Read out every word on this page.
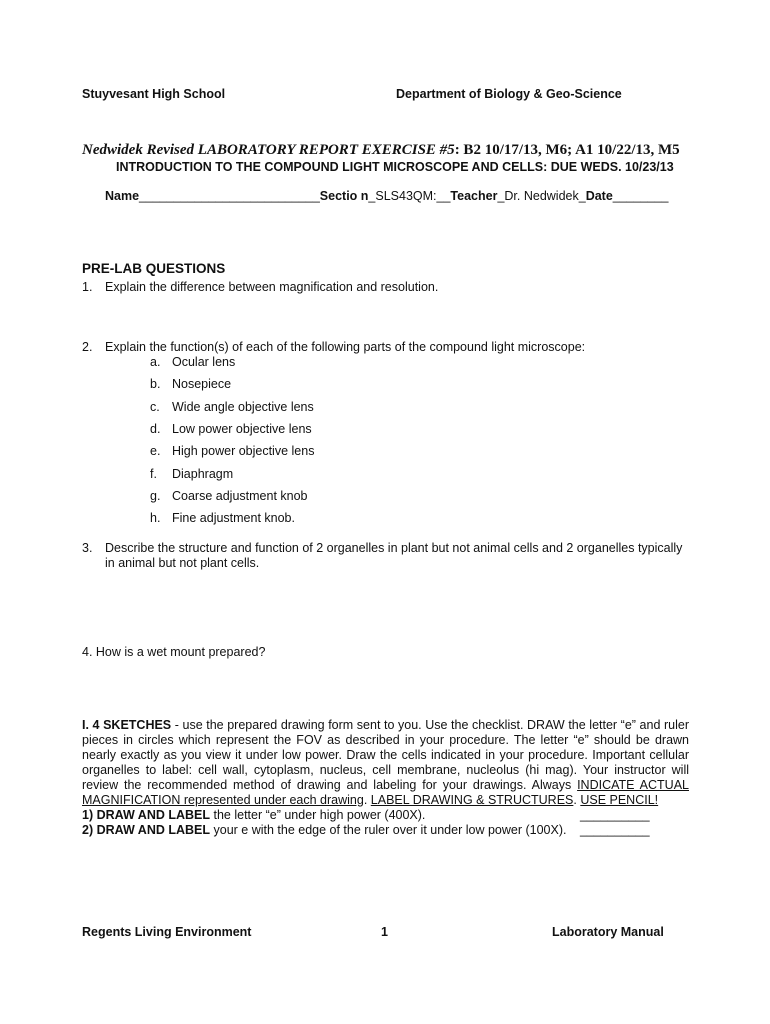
Stuyvesant High School	Department of Biology & Geo-Science
Nedwidek Revised LABORATORY REPORT EXERCISE #5: B2 10/17/13, M6; A1 10/22/13, M5
INTRODUCTION TO THE COMPOUND LIGHT MICROSCOPE AND CELLS: DUE WEDS. 10/23/13
Name__________________________Sectio n_SLS43QM:__Teacher_Dr. Nedwidek_Date________
PRE-LAB QUESTIONS
1. Explain the difference between magnification and resolution.
2. Explain the function(s) of each of the following parts of the compound light microscope:
a. Ocular lens
b. Nosepiece
c. Wide angle objective lens
d. Low power objective lens
e. High power objective lens
f. Diaphragm
g. Coarse adjustment knob
h. Fine adjustment knob.
3. Describe the structure and function of 2 organelles in plant but not animal cells and 2 organelles typically in animal but not plant cells.
4. How is a wet mount prepared?
I. 4 SKETCHES - use the prepared drawing form sent to you. Use the checklist. DRAW the letter “e” and ruler pieces in circles which represent the FOV as described in your procedure. The letter “e” should be drawn nearly exactly as you view it under low power. Draw the cells indicated in your procedure. Important cellular organelles to label: cell wall, cytoplasm, nucleus, cell membrane, nucleolus (hi mag). Your instructor will review the recommended method of drawing and labeling for your drawings. Always INDICATE ACTUAL MAGNIFICATION represented under each drawing. LABEL DRAWING & STRUCTURES. USE PENCIL!
1) DRAW AND LABEL the letter “e” under high power (400X).	__________
2) DRAW AND LABEL your e with the edge of the ruler over it under low power (100X). __________
Regents Living Environment	1	Laboratory Manual
